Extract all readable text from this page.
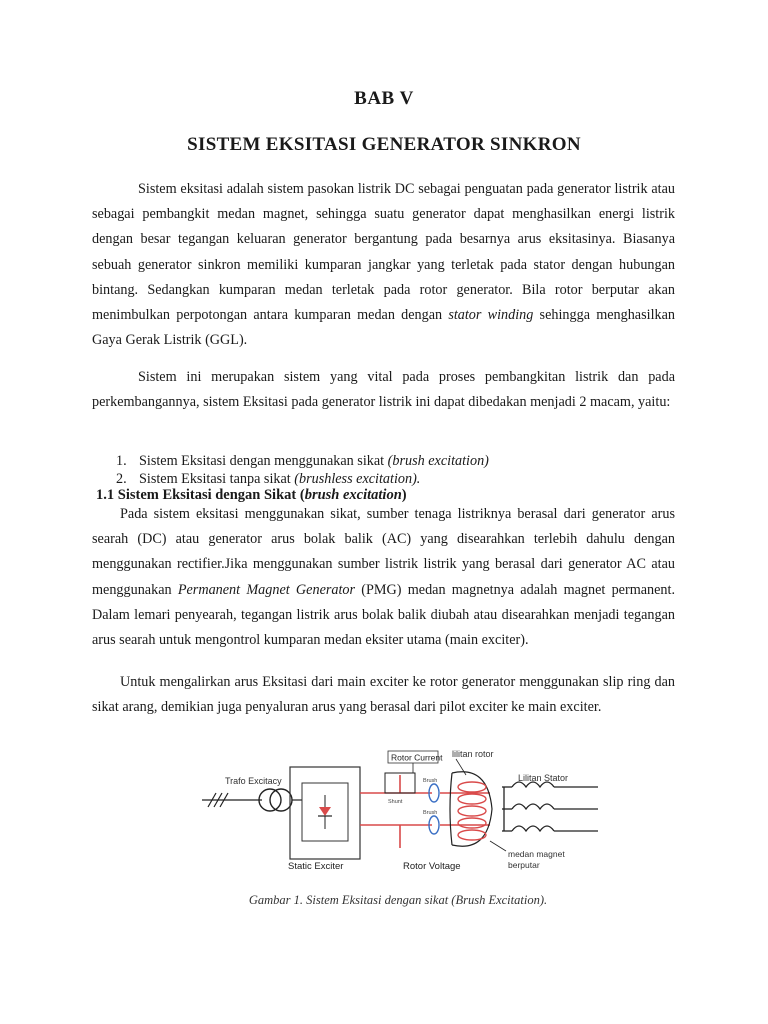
BAB V
SISTEM EKSITASI GENERATOR SINKRON

Sistem eksitasi adalah sistem pasokan listrik DC sebagai penguatan pada generator listrik atau sebagai pembangkit medan magnet, sehingga suatu generator dapat menghasilkan energi listrik dengan besar tegangan keluaran generator bergantung pada besarnya arus eksitasinya. Biasanya sebuah generator sinkron memiliki kumparan jangkar yang terletak pada stator dengan hubungan bintang. Sedangkan kumparan medan terletak pada rotor generator. Bila rotor berputar akan menimbulkan perpotongan antara kumparan medan dengan stator winding sehingga menghasilkan Gaya Gerak Listrik (GGL).

Sistem ini merupakan sistem yang vital pada proses pembangkitan listrik dan pada perkembangannya, sistem Eksitasi pada generator listrik ini dapat dibedakan menjadi 2 macam, yaitu:

1. Sistem Eksitasi dengan menggunakan sikat (brush excitation)
2. Sistem Eksitasi tanpa sikat (brushless excitation).
1.1 Sistem Eksitasi dengan Sikat (brush excitation)

Pada sistem eksitasi menggunakan sikat, sumber tenaga listriknya berasal dari generator arus searah (DC) atau generator arus bolak balik (AC) yang disearahkan terlebih dahulu dengan menggunakan rectifier.Jika menggunakan sumber listrik listrik yang berasal dari generator AC atau menggunakan Permanent Magnet Generator (PMG) medan magnetnya adalah magnet permanent. Dalam lemari penyearah, tegangan listrik arus bolak balik diubah atau disearahkan menjadi tegangan arus searah untuk mengontrol kumparan medan eksiter utama (main exciter).

Untuk mengalirkan arus Eksitasi dari main exciter ke rotor generator menggunakan slip ring dan sikat arang, demikian juga penyaluran arus yang berasal dari pilot exciter ke main exciter.

Trafo Excitacy
Static Exciter
Shunt
Rotor Current
Rotor Voltage
Brush
Brush
lilitan rotor
Lilitan Stator
medan magnet
berputar
Gambar 1. Sistem Eksitasi dengan sikat (Brush Excitation).
